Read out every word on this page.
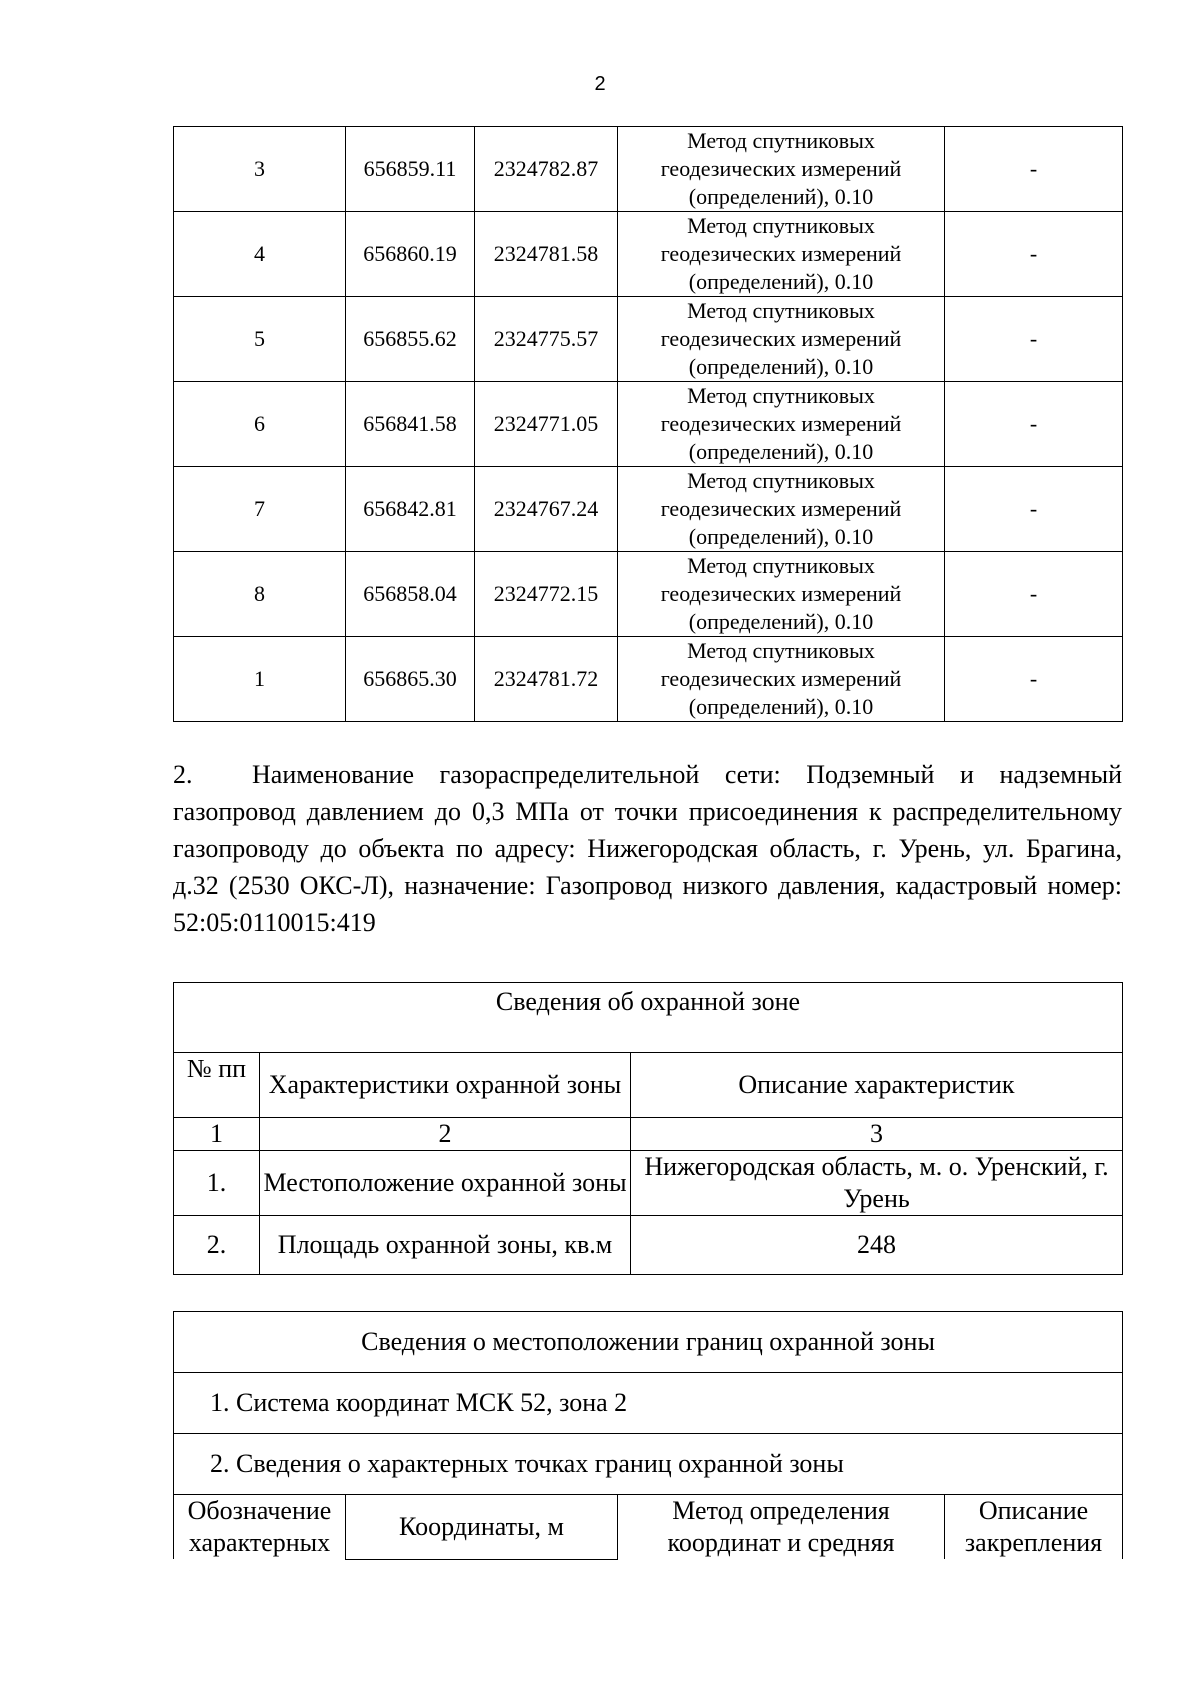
2
3	656859.11	2324782.87	Метод спутниковых
геодезических измерений
(определений), 0.10	-
4	656860.19	2324781.58	Метод спутниковых
геодезических измерений
(определений), 0.10	-
5	656855.62	2324775.57	Метод спутниковых
геодезических измерений
(определений), 0.10	-
6	656841.58	2324771.05	Метод спутниковых
геодезических измерений
(определений), 0.10	-
7	656842.81	2324767.24	Метод спутниковых
геодезических измерений
(определений), 0.10	-
8	656858.04	2324772.15	Метод спутниковых
геодезических измерений
(определений), 0.10	-
1	656865.30	2324781.72	Метод спутниковых
геодезических измерений
(определений), 0.10	-
2. Наименование газораспределительной сети: Подземный и надземный газопровод давлением до 0,3 МПа от точки присоединения к распределительному газопроводу до объекта по адресу: Нижегородская область, г. Урень, ул. Брагина, д.32 (2530 ОКС-Л), назначение: Газопровод низкого давления, кадастровый номер: 52:05:0110015:419
Сведения об охранной зоне		
№ пп	Характеристики охранной зоны	Описание характеристик
1	2	3
1.	Местоположение охранной зоны	Нижегородская область, м. о. Уренский, г. Урень
2.	Площадь охранной зоны, кв.м	248
Сведения о местоположении границ охранной зоны
1. Система координат МСК 52, зона 2
2. Сведения о характерных точках границ охранной зоны
Обозначение характерных	Координаты, м	Метод определения координат и средняя	Описание закрепления
